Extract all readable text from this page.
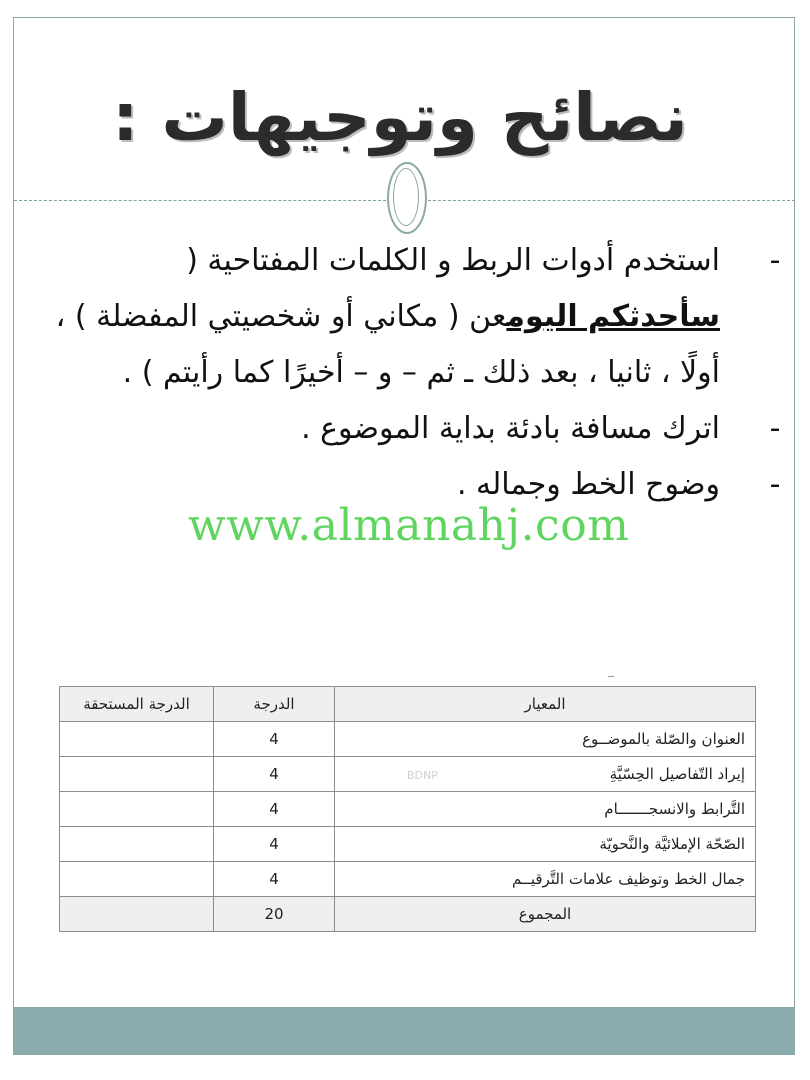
نصائح وتوجيهات :
-
استخدم أدوات الربط و الكلمات المفتاحية ( سأحدثكم اليومعن ( مكاني أو شخصيتي المفضلة ) ، أولًا ، ثانيا ، بعد ذلك ـ ثم – و – أخيرًا كما رأيتم ) .
-
اترك مسافة بادئة بداية الموضوع .
-
وضوح الخط وجماله .
www.almanahj.com
المعيار	الدرجة	الدرجة المستحقة
العنوان والصّلة بالموضــوع	4	
إيراد التّفاصيل الحِسّيَّةِ	4	
التَّرابط والانسجـــــــام	4	
الصّحّة الإملائيَّة والنَّحويّة	4	
جمال الخط وتوظيف علامات التَّرقيــم	4	
المجموع	20	
BDNP
